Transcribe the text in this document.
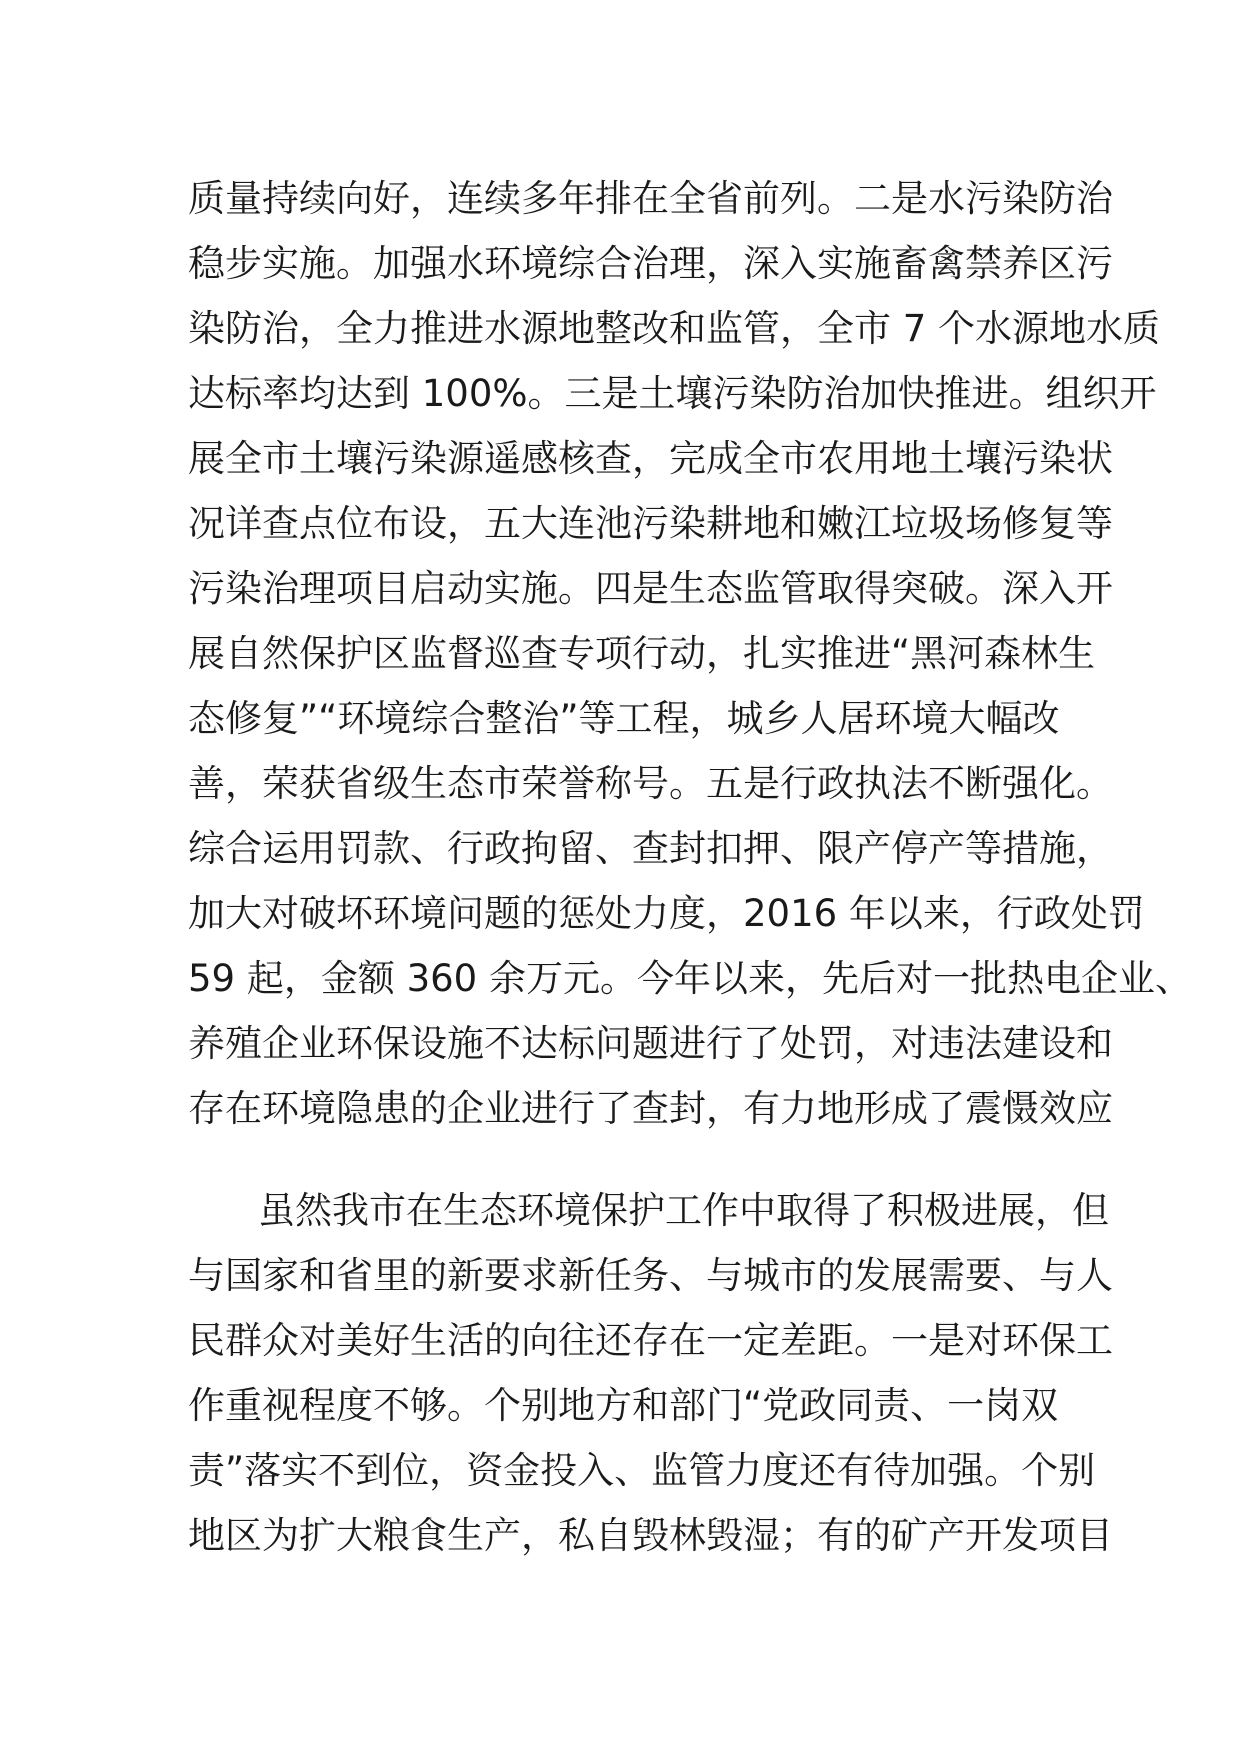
质量持续向好，连续多年排在全省前列。二是水污染防治
稳步实施。加强水环境综合治理，深入实施畜禽禁养区污
染防治，全力推进水源地整改和监管，全市 7 个水源地水质
达标率均达到 100%。三是土壤污染防治加快推进。组织开
展全市土壤污染源遥感核查，完成全市农用地土壤污染状
况详查点位布设，五大连池污染耕地和嫩江垃圾场修复等
污染治理项目启动实施。四是生态监管取得突破。深入开
展自然保护区监督巡查专项行动，扎实推进“黑河森林生
态修复”“环境综合整治”等工程，城乡人居环境大幅改
善，荣获省级生态市荣誉称号。五是行政执法不断强化。
综合运用罚款、行政拘留、查封扣押、限产停产等措施，
加大对破坏环境问题的惩处力度，2016 年以来，行政处罚
59 起，金额 360 余万元。今年以来，先后对一批热电企业、
养殖企业环保设施不达标问题进行了处罚，对违法建设和
存在环境隐患的企业进行了查封，有力地形成了震慑效应
虽然我市在生态环境保护工作中取得了积极进展，但
与国家和省里的新要求新任务、与城市的发展需要、与人
民群众对美好生活的向往还存在一定差距。一是对环保工
作重视程度不够。个别地方和部门“党政同责、一岗双
责”落实不到位，资金投入、监管力度还有待加强。个别
地区为扩大粮食生产，私自毁林毁湿；有的矿产开发项目
